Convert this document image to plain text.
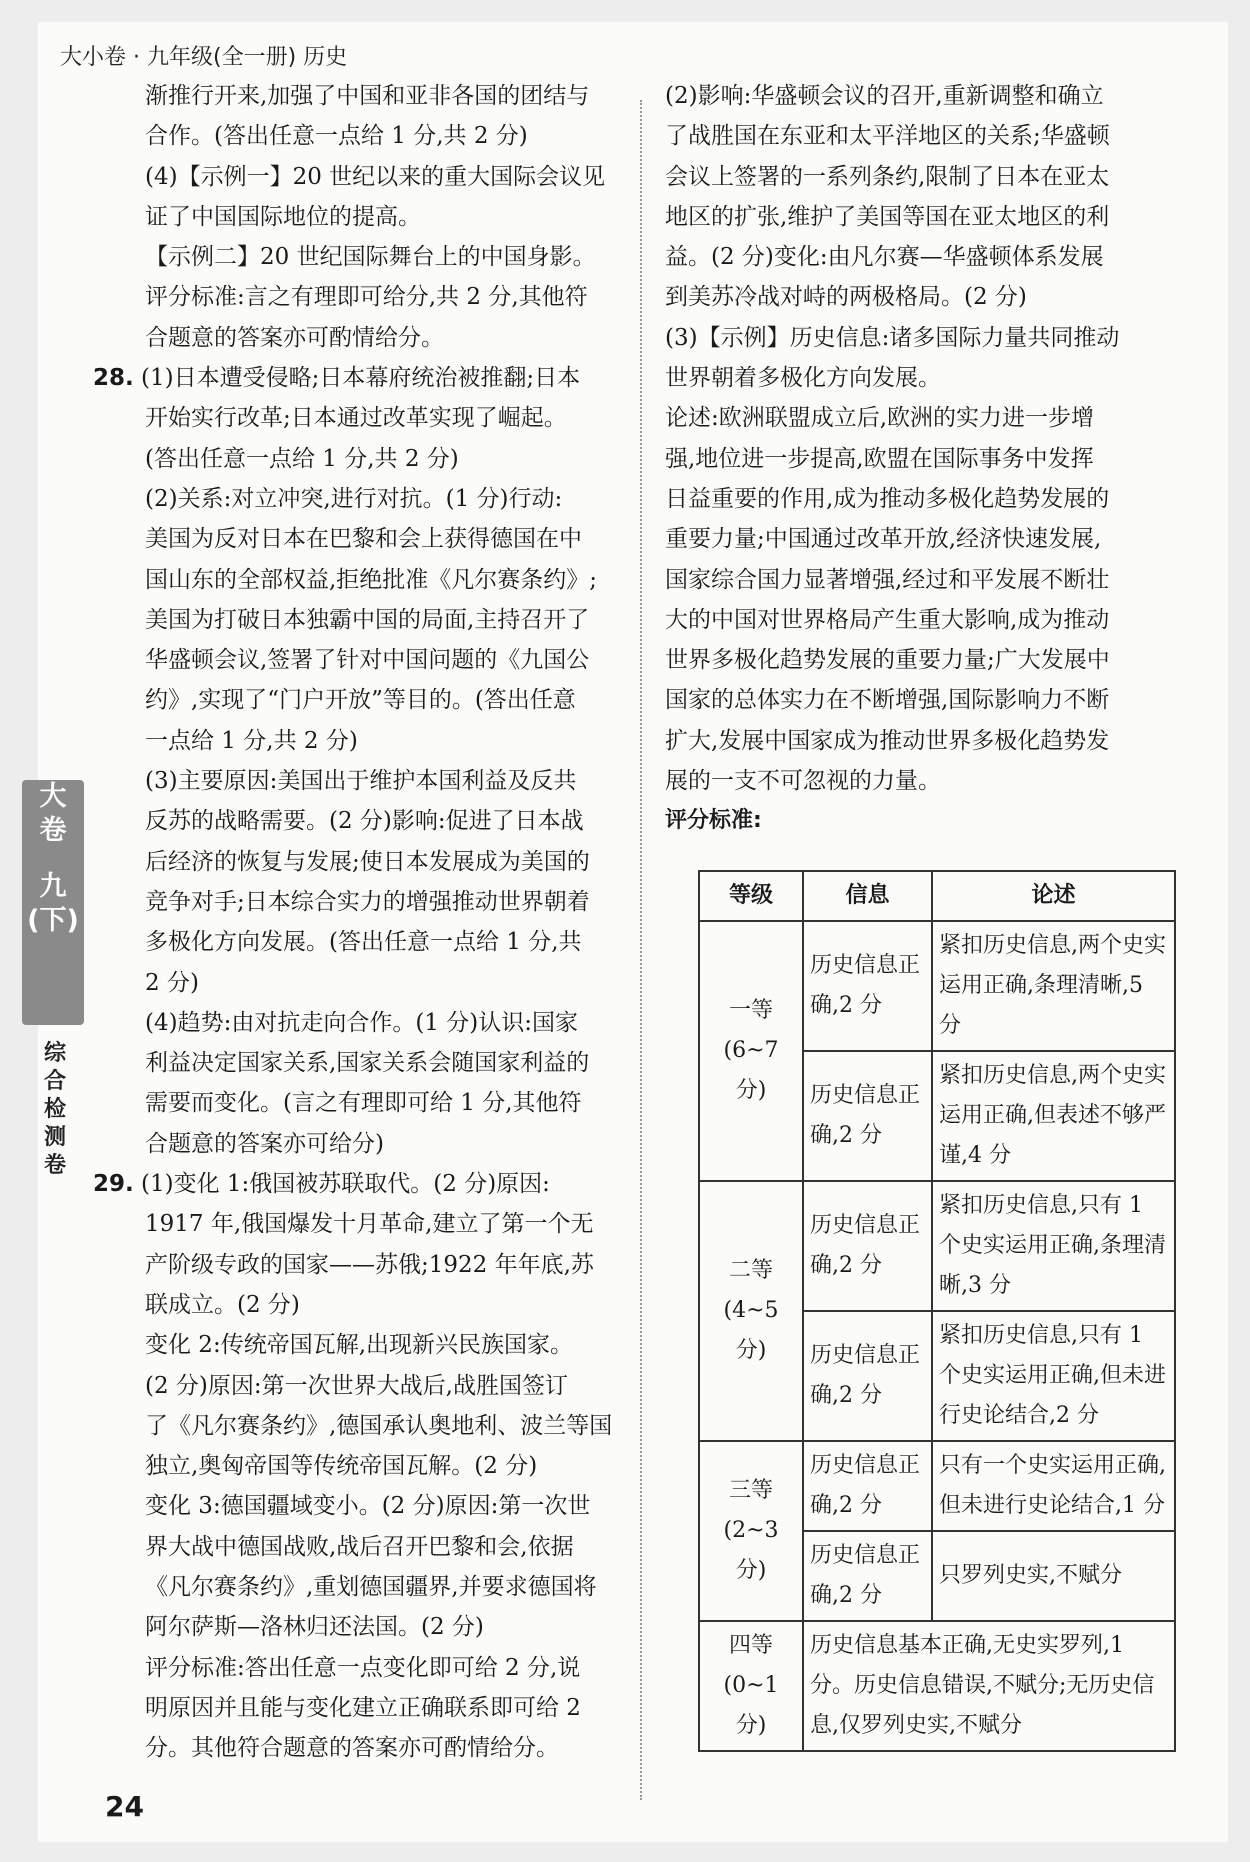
大小卷 · 九年级(全一册) 历史
大
卷
九
(下)
综合检测卷

渐推行开来,加强了中国和亚非各国的团结与

合作。(答出任意一点给 1 分,共 2 分)

(4)【示例一】20 世纪以来的重大国际会议见

证了中国国际地位的提高。

【示例二】20 世纪国际舞台上的中国身影。

评分标准:言之有理即可给分,共 2 分,其他符

合题意的答案亦可酌情给分。

28. (1)日本遭受侵略;日本幕府统治被推翻;日本

开始实行改革;日本通过改革实现了崛起。

(答出任意一点给 1 分,共 2 分)

(2)关系:对立冲突,进行对抗。(1 分)行动:

美国为反对日本在巴黎和会上获得德国在中

国山东的全部权益,拒绝批准《凡尔赛条约》;

美国为打破日本独霸中国的局面,主持召开了

华盛顿会议,签署了针对中国问题的《九国公

约》,实现了“门户开放”等目的。(答出任意

一点给 1 分,共 2 分)

(3)主要原因:美国出于维护本国利益及反共

反苏的战略需要。(2 分)影响:促进了日本战

后经济的恢复与发展;使日本发展成为美国的

竞争对手;日本综合实力的增强推动世界朝着

多极化方向发展。(答出任意一点给 1 分,共

2 分)

(4)趋势:由对抗走向合作。(1 分)认识:国家

利益决定国家关系,国家关系会随国家利益的

需要而变化。(言之有理即可给 1 分,其他符

合题意的答案亦可给分)

29. (1)变化 1:俄国被苏联取代。(2 分)原因:

1917 年,俄国爆发十月革命,建立了第一个无

产阶级专政的国家——苏俄;1922 年年底,苏

联成立。(2 分)

变化 2:传统帝国瓦解,出现新兴民族国家。

(2 分)原因:第一次世界大战后,战胜国签订

了《凡尔赛条约》,德国承认奥地利、波兰等国

独立,奥匈帝国等传统帝国瓦解。(2 分)

变化 3:德国疆域变小。(2 分)原因:第一次世

界大战中德国战败,战后召开巴黎和会,依据

《凡尔赛条约》,重划德国疆界,并要求德国将

阿尔萨斯—洛林归还法国。(2 分)

评分标准:答出任意一点变化即可给 2 分,说

明原因并且能与变化建立正确联系即可给 2

分。其他符合题意的答案亦可酌情给分。

(2)影响:华盛顿会议的召开,重新调整和确立

了战胜国在东亚和太平洋地区的关系;华盛顿

会议上签署的一系列条约,限制了日本在亚太

地区的扩张,维护了美国等国在亚太地区的利

益。(2 分)变化:由凡尔赛—华盛顿体系发展

到美苏冷战对峙的两极格局。(2 分)

(3)【示例】历史信息:诸多国际力量共同推动

世界朝着多极化方向发展。

论述:欧洲联盟成立后,欧洲的实力进一步增

强,地位进一步提高,欧盟在国际事务中发挥

日益重要的作用,成为推动多极化趋势发展的

重要力量;中国通过改革开放,经济快速发展,

国家综合国力显著增强,经过和平发展不断壮

大的中国对世界格局产生重大影响,成为推动

世界多极化趋势发展的重要力量;广大发展中

国家的总体实力在不断增强,国际影响力不断

扩大,发展中国家成为推动世界多极化趋势发

展的一支不可忽视的力量。

评分标准:

等级	信息	论述

一等
(6~7 分)	历史信息正确,2 分	紧扣历史信息,两个史实运用正确,条理清晰,5 分
	历史信息正确,2 分	紧扣历史信息,两个史实运用正确,但表述不够严谨,4 分

二等
(4~5 分)	历史信息正确,2 分	紧扣历史信息,只有 1 个史实运用正确,条理清晰,3 分
	历史信息正确,2 分	紧扣历史信息,只有 1 个史实运用正确,但未进行史论结合,2 分

三等
(2~3 分)	历史信息正确,2 分	只有一个史实运用正确,但未进行史论结合,1 分
	历史信息正确,2 分	只罗列史实,不赋分

四等
(0~1 分)	历史信息基本正确,无史实罗列,1 分。历史信息错误,不赋分;无历史信息,仅罗列史实,不赋分	
24
